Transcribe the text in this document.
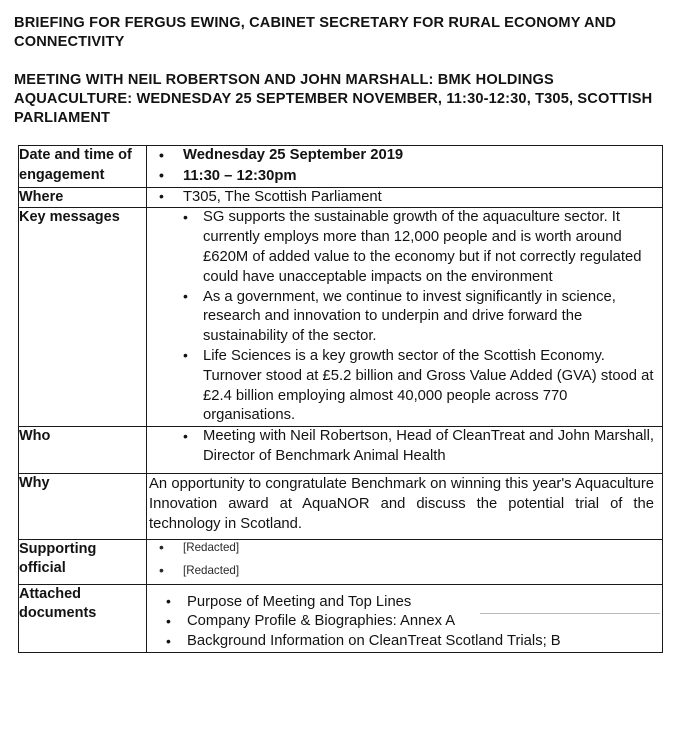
BRIEFING FOR FERGUS EWING, CABINET SECRETARY FOR RURAL ECONOMY AND CONNECTIVITY
MEETING WITH NEIL ROBERTSON AND JOHN MARSHALL: BMK HOLDINGS AQUACULTURE: WEDNESDAY 25 SEPTEMBER NOVEMBER, 11:30-12:30, T305, SCOTTISH PARLIAMENT
Date and time of engagement	
• Wednesday 25 September 2019
• 11:30 – 12:30pm

Where	
•T305, The Scottish Parliament

Key messages	
•SG supports the sustainable growth of the aquaculture sector. It currently employs more than 12,000 people and is worth around £620M of added value to the economy but if not correctly regulated could have unacceptable impacts on the environment
• As a government, we continue to invest significantly in science, research and innovation to underpin and drive forward the sustainability of the sector.
• Life Sciences is a key growth sector of the Scottish Economy. Turnover stood at £5.2 billion and Gross Value Added (GVA) stood at £2.4 billion employing almost 40,000 people across 770 organisations.

Who	
•Meeting with Neil Robertson, Head of CleanTreat and John Marshall, Director of Benchmark Animal Health

Why	An opportunity to congratulate Benchmark on winning this year's Aquaculture Innovation award at AquaNOR and discuss the potential trial of the technology in Scotland.

Supporting official	
• [Redacted]
• [Redacted]

Attached documents	
• Purpose of Meeting and Top Lines
• Company Profile & Biographies: Annex A
• Background Information on CleanTreat Scotland Trials; B
